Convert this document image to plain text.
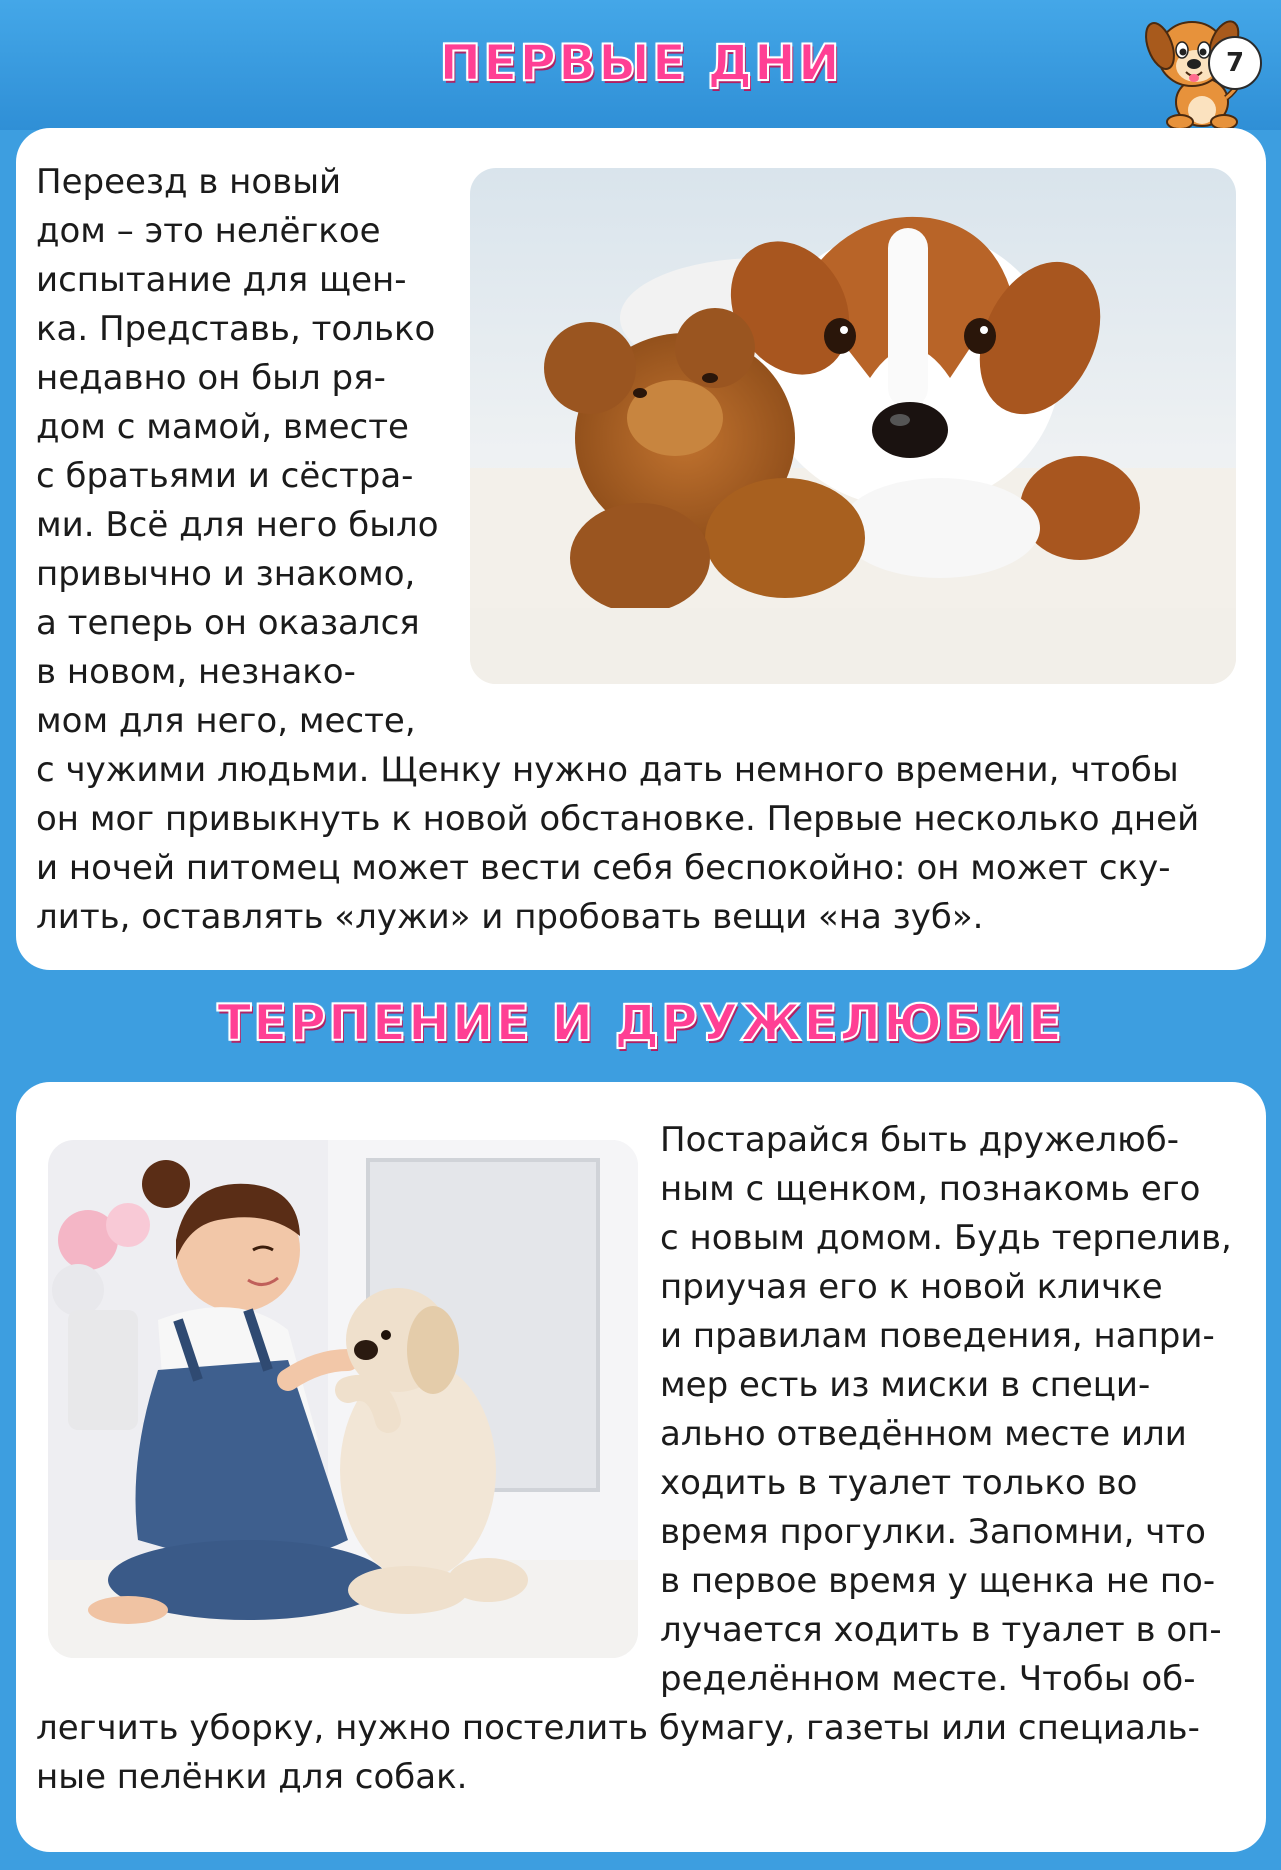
ПЕРВЫЕ ДНИ	7
Переезд в новый
дом – это нелёгкое
испытание для щен-
ка. Представь, только
недавно он был ря-
дом с мамой, вместе
с братьями и сёстра-
ми. Всё для него было
привычно и знакомо,
а теперь он оказался
в новом, незнако-
мом для него, месте,
с чужими людьми. Щенку нужно дать немного времени, чтобы
он мог привыкнуть к новой обстановке. Первые несколько дней
и ночей питомец может вести себя беспокойно: он может ску-
лить, оставлять «лужи» и пробовать вещи «на зуб».
ТЕРПЕНИЕ И ДРУЖЕЛЮБИЕ
Постарайся быть дружелюб-
ным с щенком, познакомь его
с новым домом. Будь терпелив,
приучая его к новой кличке
и правилам поведения, напри-
мер есть из миски в специ-
ально отведённом месте или
ходить в туалет только во
время прогулки. Запомни, что
в первое время у щенка не по-
лучается ходить в туалет в оп-
ределённом месте. Чтобы об-
легчить уборку, нужно постелить бумагу, газеты или специаль-
ные пелёнки для собак.
